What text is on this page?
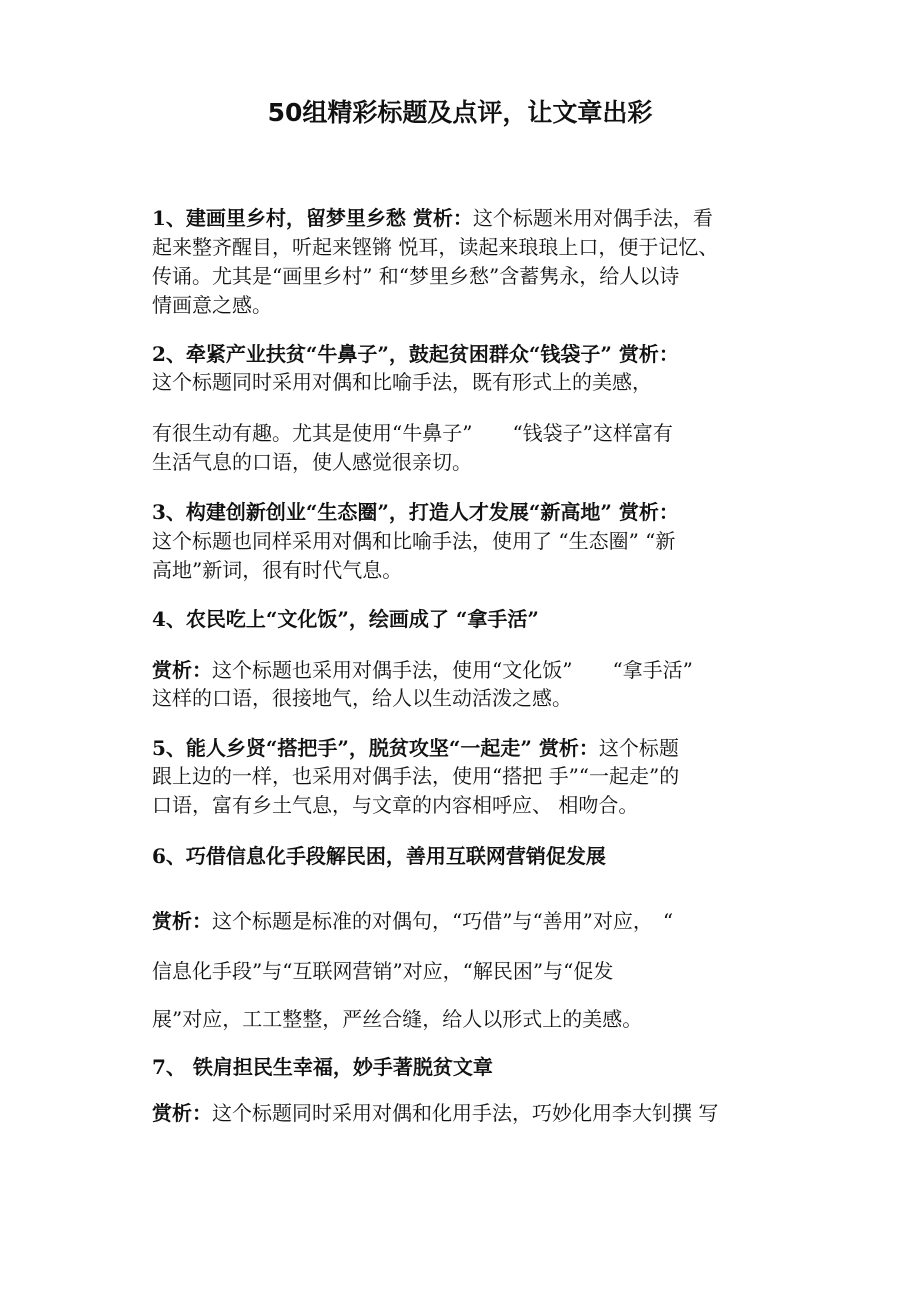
50组精彩标题及点评，让文章出彩
1、建画里乡村，留梦里乡愁 赏析：这个标题米用对偶手法，看
起来整齐醒目，听起来铿锵 悦耳，读起来琅琅上口，便于记忆、
传诵。尤其是“画里乡村” 和“梦里乡愁”含蓄隽永，给人以诗
情画意之感。
2、牵紧产业扶贫“牛鼻子”，鼓起贫困群众“钱袋子” 赏析：
这个标题同时采用对偶和比喻手法，既有形式上的美感，
有很生动有趣。尤其是使用“牛鼻子”　　“钱袋子”这样富有
生活气息的口语，使人感觉很亲切。
3、构建创新创业“生态圈”，打造人才发展“新高地” 赏析：
这个标题也同样采用对偶和比喻手法，使用了 “生态圈” “新
高地”新词，很有时代气息。
4、农民吃上“文化饭”，绘画成了 “拿手活”
赏析：这个标题也采用对偶手法，使用“文化饭”　　“拿手活”
这样的口语，很接地气，给人以生动活泼之感。
5、能人乡贤“搭把手”，脱贫攻坚“一起走” 赏析：这个标题
跟上边的一样，也采用对偶手法，使用“搭把 手”“一起走”的
口语，富有乡土气息，与文章的内容相呼应、 相吻合。
6、巧借信息化手段解民困，善用互联网营销促发展
赏析：这个标题是标准的对偶句，“巧借”与“善用”对应，　“
信息化手段”与“互联网营销”对应，“解民困”与“促发
展”对应，工工整整，严丝合缝，给人以形式上的美感。
7、 铁肩担民生幸福，妙手著脱贫文章
赏析：这个标题同时采用对偶和化用手法，巧妙化用李大钊撰 写
